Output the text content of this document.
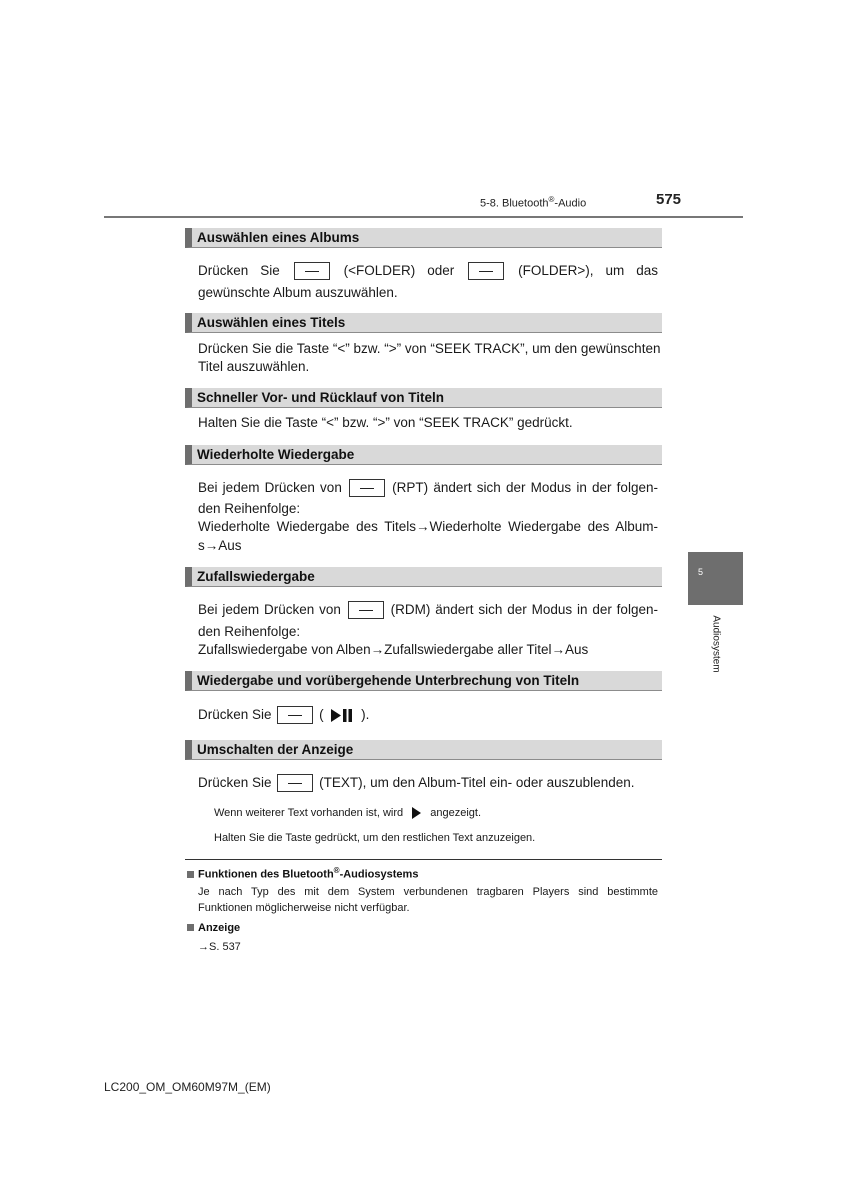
5-8. Bluetooth®-Audio	575
5
Audiosystem
Auswählen eines Albums
Drücken Sie	(<FOLDER) oder	(FOLDER>), um das
gewünschte Album auszuwählen.
Auswählen eines Titels
Drücken Sie die Taste “<” bzw. “>” von “SEEK TRACK”, um den gewünschten
Titel auszuwählen.
Schneller Vor- und Rücklauf von Titeln
Halten Sie die Taste “<” bzw. “>” von “SEEK TRACK” gedrückt.
Wiederholte Wiedergabe
Bei jedem Drücken von	(RPT) ändert sich der Modus in der folgen-
den Reihenfolge:
Wiederholte Wiedergabe des Titels→Wiederholte Wiedergabe des Album-
s→Aus
Zufallswiedergabe
Bei jedem Drücken von	(RDM) ändert sich der Modus in der folgen-
den Reihenfolge:
Zufallswiedergabe von Alben→Zufallswiedergabe aller Titel→Aus
Wiedergabe und vorübergehende Unterbrechung von Titeln
Drücken Sie	(	).
Umschalten der Anzeige
Drücken Sie	(TEXT), um den Album-Titel ein- oder auszublenden.
Wenn weiterer Text vorhanden ist, wird angezeigt.
Halten Sie die Taste gedrückt, um den restlichen Text anzuzeigen.
Funktionen des Bluetooth®-Audiosystems
Je nach Typ des mit dem System verbundenen tragbaren Players sind bestimmte
Funktionen möglicherweise nicht verfügbar.
Anzeige
→S. 537
LC200_OM_OM60M97M_(EM)
